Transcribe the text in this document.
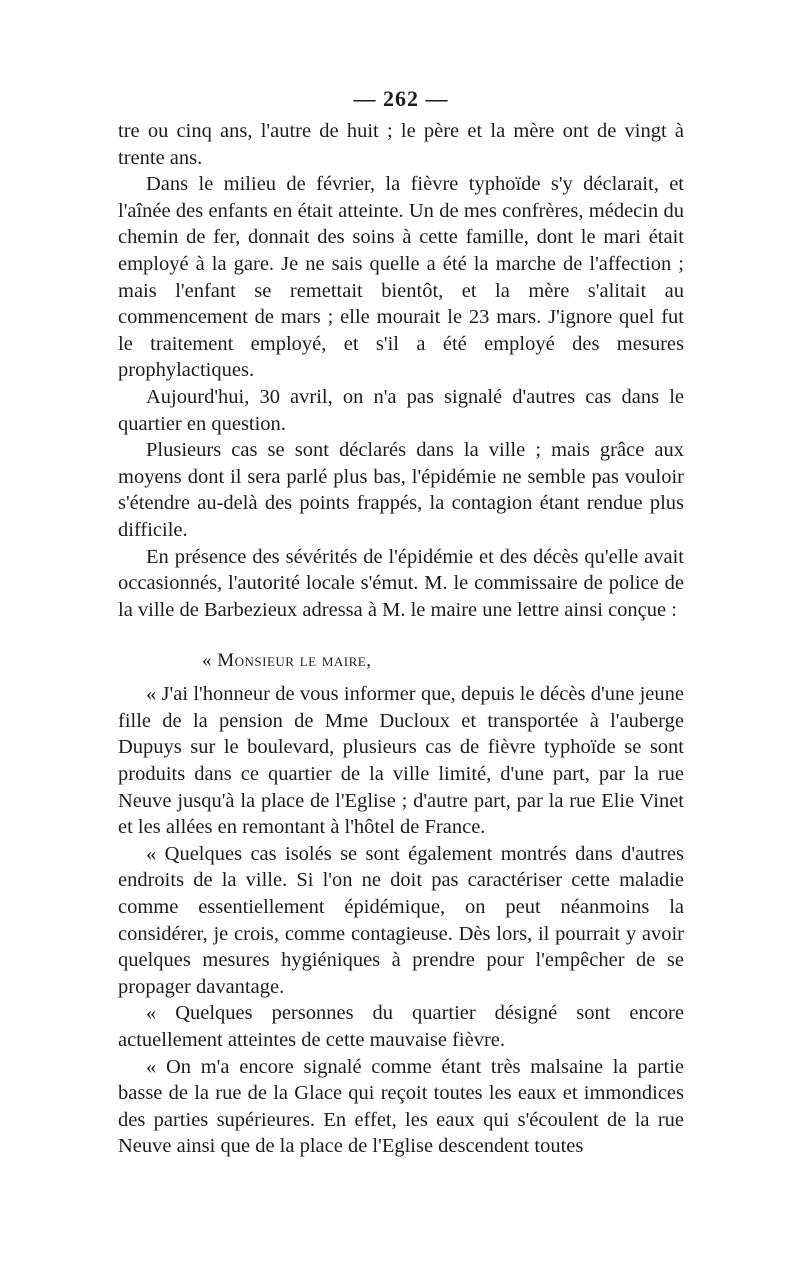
— 262 —

tre ou cinq ans, l'autre de huit ; le père et la mère ont de vingt à trente ans.

Dans le milieu de février, la fièvre typhoïde s'y déclarait, et l'aînée des enfants en était atteinte. Un de mes confrères, médecin du chemin de fer, donnait des soins à cette famille, dont le mari était employé à la gare. Je ne sais quelle a été la marche de l'affection ; mais l'enfant se remettait bientôt, et la mère s'alitait au commencement de mars ; elle mourait le 23 mars. J'ignore quel fut le traitement employé, et s'il a été employé des mesures prophylactiques.

Aujourd'hui, 30 avril, on n'a pas signalé d'autres cas dans le quartier en question.

Plusieurs cas se sont déclarés dans la ville ; mais grâce aux moyens dont il sera parlé plus bas, l'épidémie ne semble pas vouloir s'étendre au-delà des points frappés, la contagion étant rendue plus difficile.

En présence des sévérités de l'épidémie et des décès qu'elle avait occasionnés, l'autorité locale s'émut. M. le commissaire de police de la ville de Barbezieux adressa à M. le maire une lettre ainsi conçue :

« Monsieur le maire,

« J'ai l'honneur de vous informer que, depuis le décès d'une jeune fille de la pension de Mme Ducloux et transportée à l'auberge Dupuys sur le boulevard, plusieurs cas de fièvre typhoïde se sont produits dans ce quartier de la ville limité, d'une part, par la rue Neuve jusqu'à la place de l'Eglise ; d'autre part, par la rue Elie Vinet et les allées en remontant à l'hôtel de France.

« Quelques cas isolés se sont également montrés dans d'autres endroits de la ville. Si l'on ne doit pas caractériser cette maladie comme essentiellement épidémique, on peut néanmoins la considérer, je crois, comme contagieuse. Dès lors, il pourrait y avoir quelques mesures hygiéniques à prendre pour l'empêcher de se propager davantage.

« Quelques personnes du quartier désigné sont encore actuellement atteintes de cette mauvaise fièvre.

« On m'a encore signalé comme étant très malsaine la partie basse de la rue de la Glace qui reçoit toutes les eaux et immondices des parties supérieures. En effet, les eaux qui s'écoulent de la rue Neuve ainsi que de la place de l'Eglise descendent toutes
